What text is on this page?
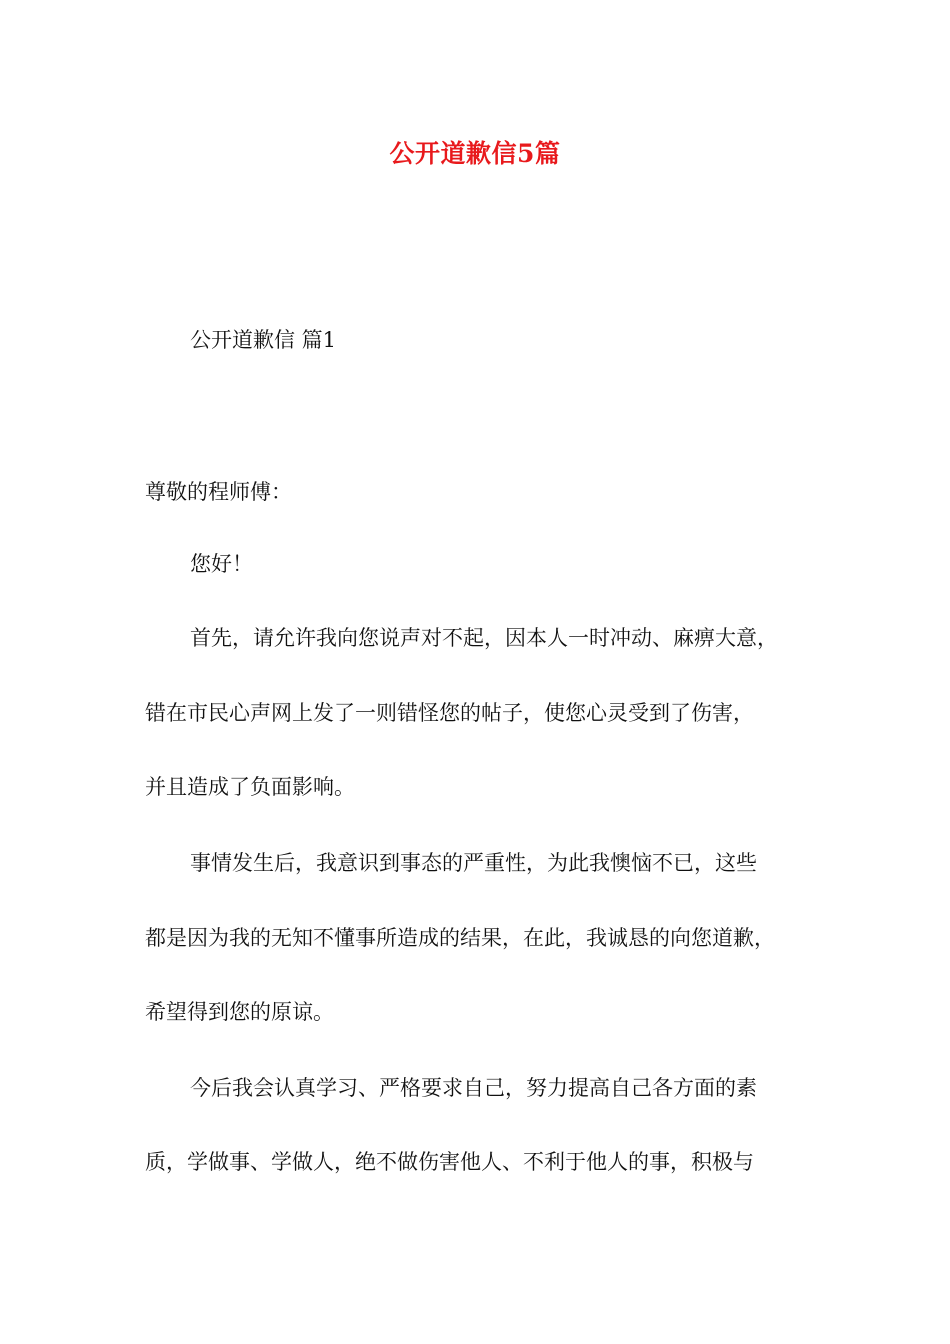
公开道歉信5篇
公开道歉信 篇1
尊敬的程师傅：
您好！
首先，请允许我向您说声对不起，因本人一时冲动、麻痹大意，
错在市民心声网上发了一则错怪您的帖子，使您心灵受到了伤害，
并且造成了负面影响。
事情发生后，我意识到事态的严重性，为此我懊恼不已，这些
都是因为我的无知不懂事所造成的结果，在此，我诚恳的向您道歉，
希望得到您的原谅。
今后我会认真学习、严格要求自己，努力提高自己各方面的素
质，学做事、学做人，绝不做伤害他人、不利于他人的事，积极与
